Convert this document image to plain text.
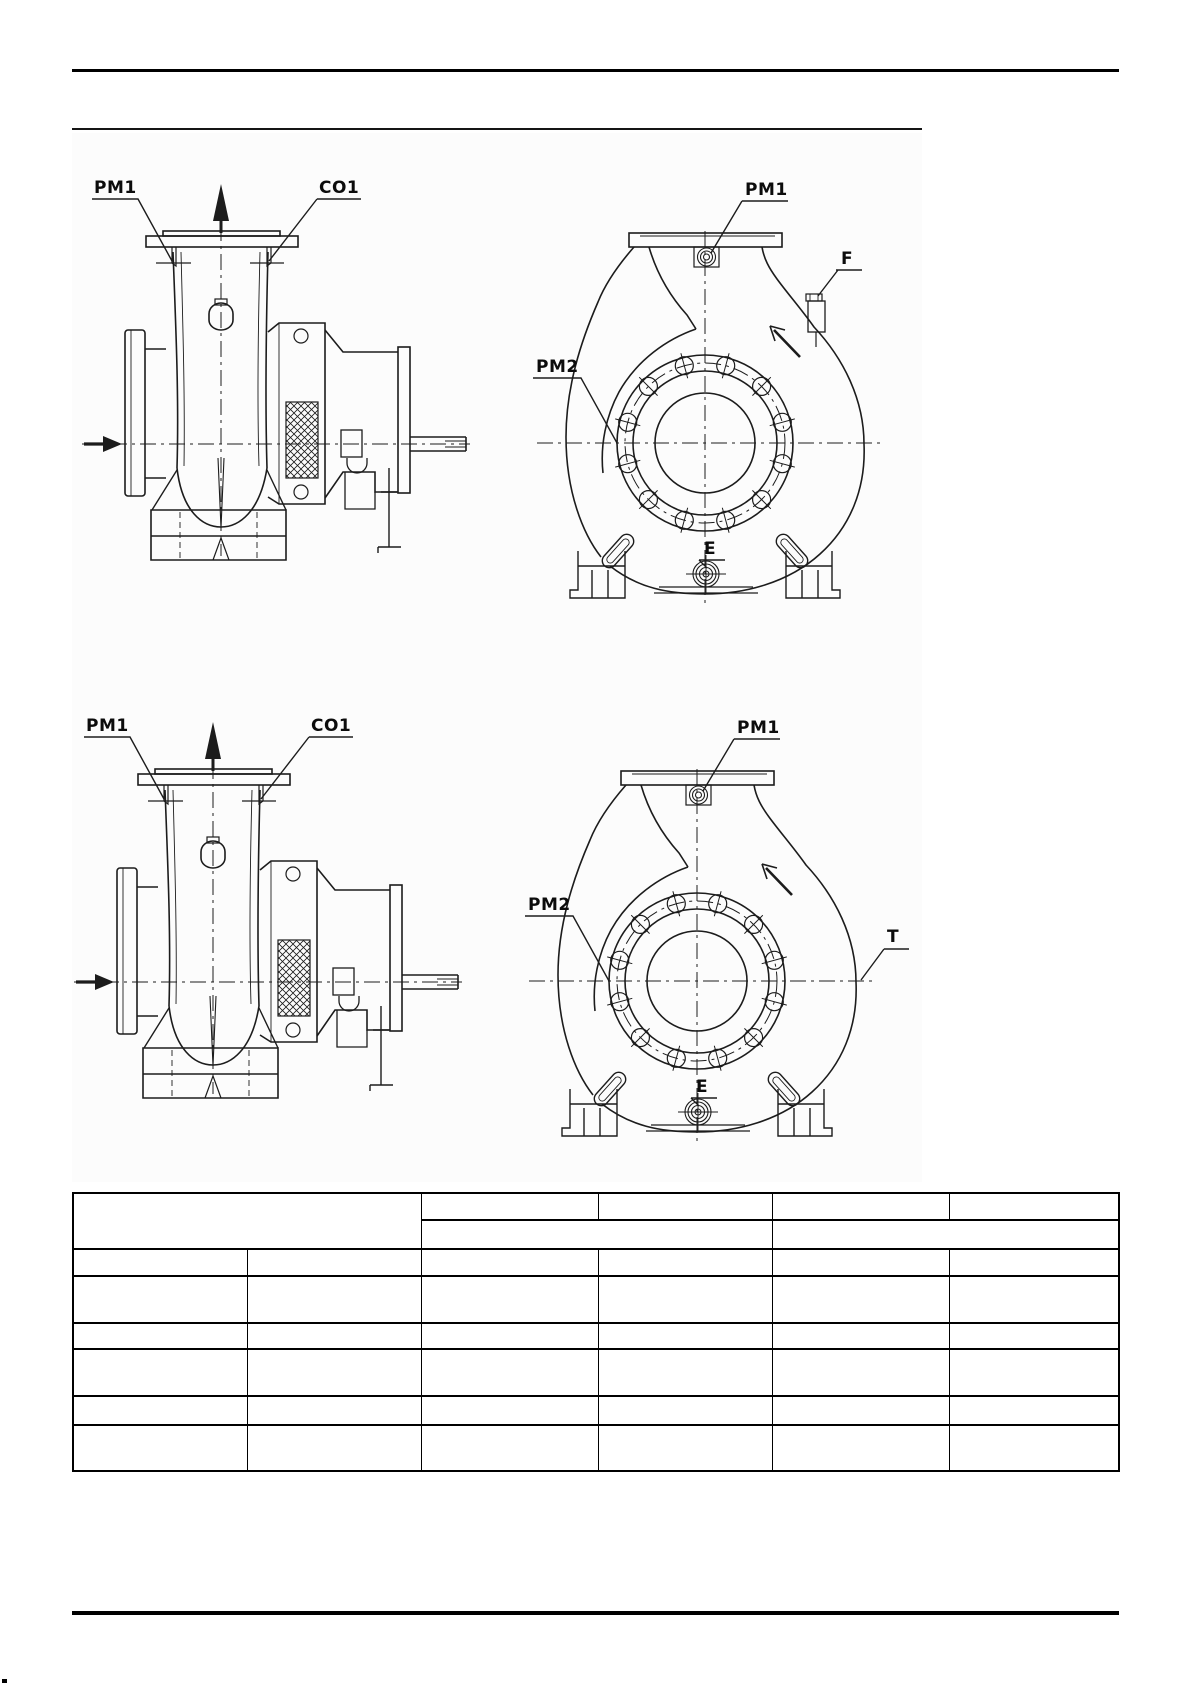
PM1	CO1	PM1
F
PM2
E
PM1	CO1	PM1
PM2
T
E
